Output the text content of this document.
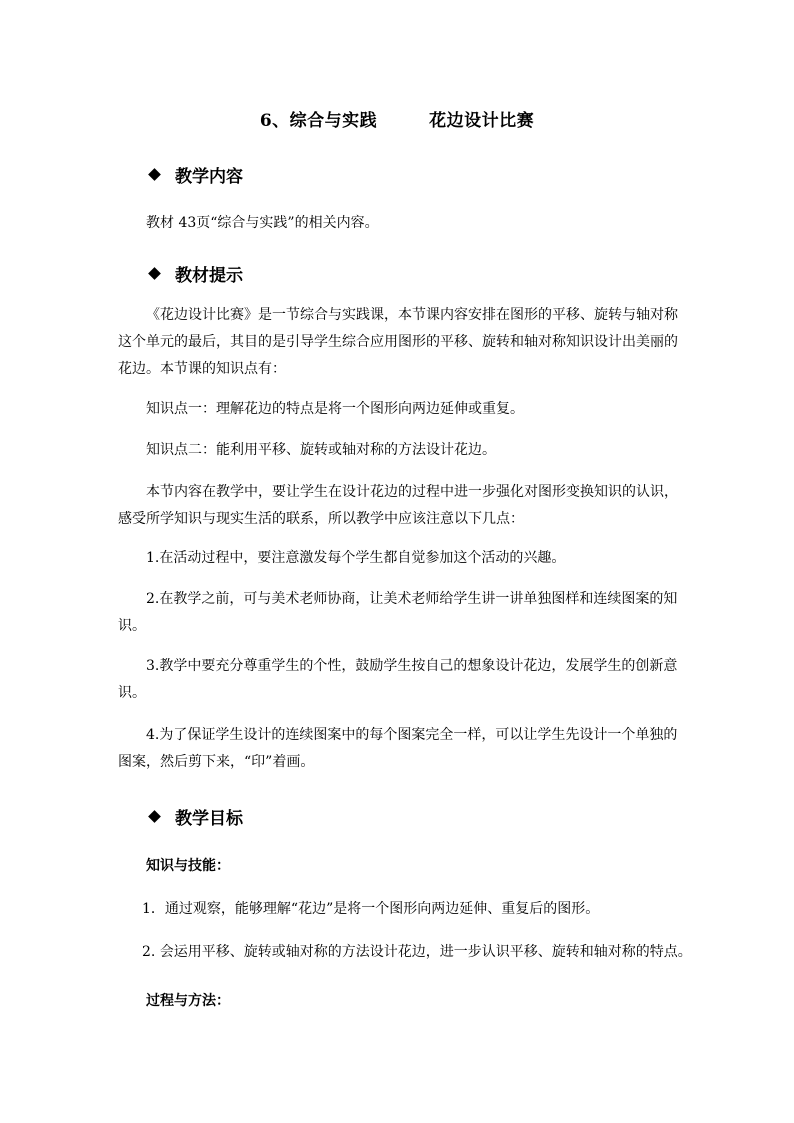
6、综合与实践	花边设计比赛
教学内容
教材 43页“综合与实践”的相关内容。
教材提示
《花边设计比赛》是一节综合与实践课，本节课内容安排在图形的平移、旋转与轴对称这个单元的最后，其目的是引导学生综合应用图形的平移、旋转和轴对称知识设计出美丽的花边。本节课的知识点有：
知识点一：理解花边的特点是将一个图形向两边延伸或重复。
知识点二：能利用平移、旋转或轴对称的方法设计花边。
本节内容在教学中，要让学生在设计花边的过程中进一步强化对图形变换知识的认识，感受所学知识与现实生活的联系，所以教学中应该注意以下几点：
1.在活动过程中，要注意激发每个学生都自觉参加这个活动的兴趣。
2.在教学之前，可与美术老师协商，让美术老师给学生讲一讲单独图样和连续图案的知识。
3.教学中要充分尊重学生的个性，鼓励学生按自己的想象设计花边，发展学生的创新意识。
4.为了保证学生设计的连续图案中的每个图案完全一样，可以让学生先设计一个单独的图案，然后剪下来，“印”着画。
教学目标
知识与技能：
1．通过观察，能够理解“花边”是将一个图形向两边延伸、重复后的图形。
2. 会运用平移、旋转或轴对称的方法设计花边，进一步认识平移、旋转和轴对称的特点。
过程与方法：
